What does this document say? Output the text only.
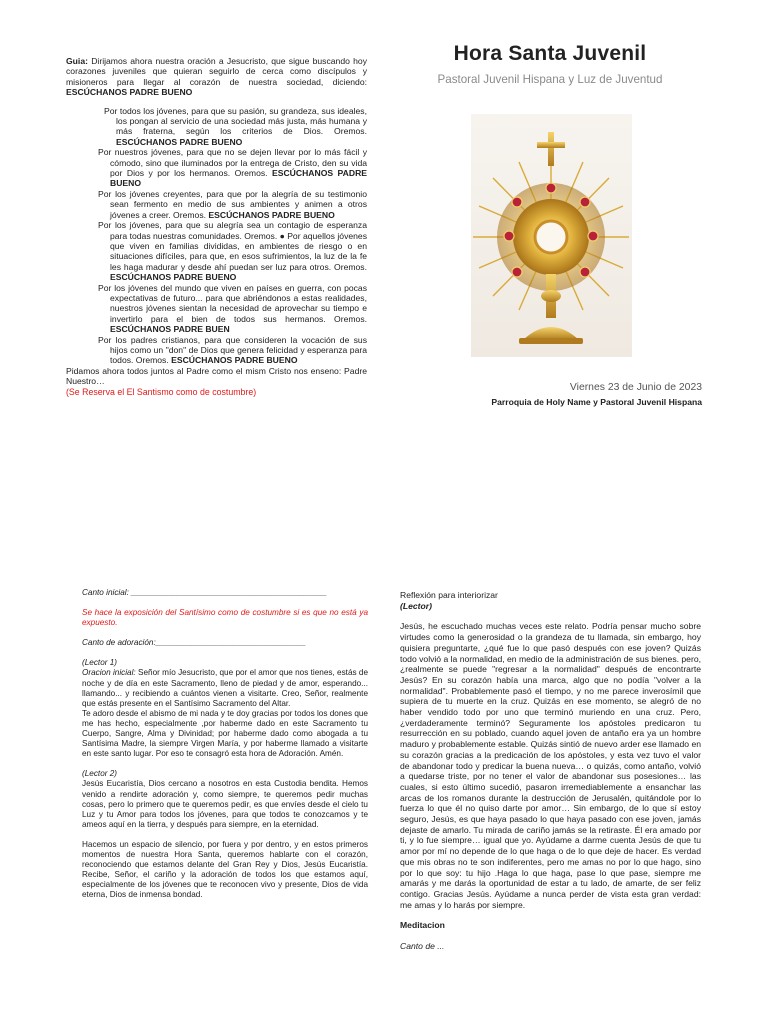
Guia: Dirijamos ahora nuestra oración a Jesucristo, que sigue buscando hoy corazones juveniles que quieran seguirlo de cerca como discípulos y misioneros para llegar al corazón de nuestra sociedad, diciendo: ESCÚCHANOS PADRE BUENO

Por todos los jóvenes, para que su pasión, su grandeza, sus ideales, los pongan al servicio de una sociedad más justa, más humana y más fraterna, según los criterios de Dios. Oremos. ESCÚCHANOS PADRE BUENO

Por nuestros jóvenes, para que no se dejen llevar por lo más fácil y cómodo, sino que iluminados por la entrega de Cristo, den su vida por Dios y por los hermanos. Oremos. ESCÚCHANOS PADRE BUENO

Por los jóvenes creyentes, para que por la alegría de su testimonio sean fermento en medio de sus ambientes y animen a otros jóvenes a creer. Oremos. ESCÚCHANOS PADRE BUENO

Por los jóvenes, para que su alegría sea un contagio de esperanza para todas nuestras comunidades. Oremos. ● Por aquellos jóvenes que viven en familias divididas, en ambientes de riesgo o en situaciones difíciles, para que, en esos sufrimientos, la luz de la fe les haga madurar y desde ahí puedan ser luz para otros. Oremos. ESCÚCHANOS PADRE BUENO

Por los jóvenes del mundo que viven en países en guerra, con pocas expectativas de futuro... para que abriéndonos a estas realidades, nuestros jóvenes sientan la necesidad de aprovechar su tiempo e invertirlo para el bien de todos sus hermanos. Oremos. ESCÚCHANOS PADRE BUEN

Por los padres cristianos, para que consideren la vocación de sus hijos como un "don" de Dios que genera felicidad y esperanza para todos. Oremos. ESCÚCHANOS PADRE BUENO

Pidamos ahora todos juntos al Padre como el mism Cristo nos enseno: Padre Nuestro…

(Se Reserva el El Santismo como de costumbre)

Hora Santa Juvenil
Pastoral Juvenil Hispana y Luz de Juventud
Viernes 23 de Junio de 2023
Parroquia de Holy Name y Pastoral Juvenil Hispana

Canto inicial: ___________________________________________

Se hace la exposición del Santísimo como de costumbre si es que no está ya expuesto.

Canto de adoración:_________________________________

(Lector 1)

Oracion inicial: Señor mío Jesucristo, que por el amor que nos tienes, estás de noche y de día en este Sacramento, lleno de piedad y de amor, esperando... llamando... y recibiendo a cuántos vienen a visitarte. Creo, Señor, realmente que estás presente en el Santísimo Sacramento del Altar.

Te adoro desde el abismo de mi nada y te doy gracias por todos los dones que me has hecho, especialmente ,por haberme dado en este Sacramento tu Cuerpo, Sangre, Alma y Divinidad; por haberme dado como abogada a tu Santísima Madre, la siempre Virgen María, y por haberme llamado a visitarte en este santo lugar. Por eso te consagró esta hora de Adoración. Amén.

(Lector 2)

Jesús Eucaristía, Dios cercano a nosotros en esta Custodia bendita. Hemos venido a rendirte adoración y, como siempre, te queremos pedir muchas cosas, pero lo primero que te queremos pedir, es que envíes desde el cielo tu Luz y tu Amor para todos los jóvenes, para que todos te conozcamos y te ameos aquí en la tierra, y después para siempre, en la eternidad.

Hacemos un espacio de silencio, por fuera y por dentro, y en estos primeros momentos de nuestra Hora Santa, queremos hablarte con el corazón, reconociendo que estamos delante del Gran Rey y Dios, Jesús Eucaristía. Recibe, Señor, el cariño y la adoración de todos los que estamos aquí, especialmente de los jóvenes que te reconocen vivo y presente, Dios de vida eterna, Dios de inmensa bondad.

Reflexión para interiorizar

(Lector)

Jesús, he escuchado muchas veces este relato. Podría pensar mucho sobre virtudes como la generosidad o la grandeza de tu llamada, sin embargo, hoy quisiera preguntarte, ¿qué fue lo que pasó después con ese joven? Quizás todo volvió a la normalidad, en medio de la administración de sus bienes. pero, ¿realmente se puede "regresar a la normalidad" después de encontrarte Jesús? En su corazón había una marca, algo que no podía "volver a la normalidad". Probablemente pasó el tiempo, y no me parece inverosímil que supiera de tu muerte en la cruz. Quizás en ese momento, se alegró de no haber vendido todo por uno que terminó muriendo en una cruz. Pero, ¿verdaderamente terminó? Seguramente los apóstoles predicaron tu resurrección en su poblado, cuando aquel joven de antaño era ya un hombre maduro y probablemente estable. Quizás sintió de nuevo arder ese llamado en su corazón gracias a la predicación de los apóstoles, y esta vez tuvo el valor de abandonar todo y predicar la buena nueva… o quizás, como antaño, volvió a quedarse triste, por no tener el valor de abandonar sus posesiones… las cuales, si esto último sucedió, pasaron irremediablemente a ensanchar las arcas de los romanos durante la destrucción de Jerusalén, quitándole por lo fuerza lo que él no quiso darte por amor… Sin embargo, de lo que sí estoy seguro, Jesús, es que haya pasado lo que haya pasado con ese joven, jamás dejaste de amarlo. Tu mirada de cariño jamás se la retiraste. Él era amado por ti, y lo fue siempre… igual que yo. Ayúdame a darme cuenta Jesús de que tu amor por mí no depende de lo que haga o de lo que deje de hacer. Es verdad que mis obras no te son indiferentes, pero me amas no por lo que hago, sino por lo que soy: tu hijo .Haga lo que haga, pase lo que pase, siempre me amarás y me darás la oportunidad de estar a tu lado, de amarte, de ser feliz contigo. Gracias Jesús. Ayúdame a nunca perder de vista esta gran verdad: me amas y lo harás por siempre.

Meditacion

Canto de ...
